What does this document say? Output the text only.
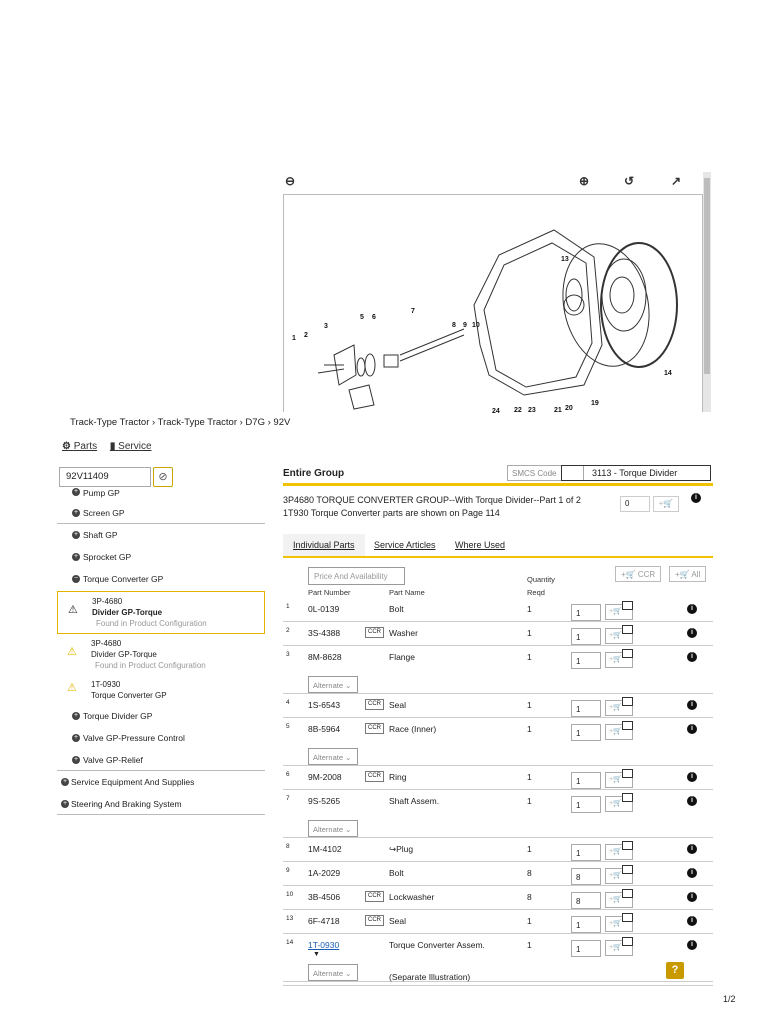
⊖	⊕	↺	↗
1 2
3
5 6
7
8 9 10
13
14
24 22 23	21 20
19
Track-Type Tractor › Track-Type Tractor › D7G › 92V
⚙ Parts ▮ Service
92V11409	⊘
+ Pump GP
+ Screen GP
+ Shaft GP
+ Sprocket GP
− Torque Converter GP
⚠
3P-4680
Divider GP-Torque
Found in Product Configuration
⚠
3P-4680
Divider GP-Torque
Found in Product Configuration
⚠ 1T-0930
Torque Converter GP
+ Torque Divider GP
+ Valve GP-Pressure Control
+ Valve GP-Relief
+ Service Equipment And Supplies
+ Steering And Braking System
Entire Group	SMCS Code	3113 - Torque Divider
3P4680 TORQUE CONVERTER GROUP--With Torque Divider--Part 1 of 2
1T930 Torque Converter parts are shown on Page 114
0	+🛒
i
Individual Parts	Service Articles Where Used
Price And Availability	+🛒 CCR	+🛒 All
Part Number	Part Name
Quantity
Reqd
1 0L-0139	Bolt	1	1	+🛒	i
2 3S-4388	CCR Washer	1	1	+🛒	i
3 8M-8628	Flange	1	1	+🛒	i
Alternate ⌄
4 1S-6543	CCR Seal	1	1	+🛒	i
5 8B-5964	CCR Race (Inner)	1	1	+🛒	i
Alternate ⌄
6 9M-2008	CCR Ring	1	1	+🛒	i
7 9S-5265	Shaft Assem.	1	1	+🛒	i
Alternate ⌄
8 1M-4102	↪Plug	1	1	+🛒	i
9 1A-2029	Bolt	8	8	+🛒	i
10 3B-4506	CCR Lockwasher	8	8	+🛒	i
13 6F-4718	CCR Seal	1	1	+🛒	i
14 1T-0930	Torque Converter Assem.	1	1	+🛒	i
Alternate ⌄
▼
(Separate Illustration)
?
1/2
